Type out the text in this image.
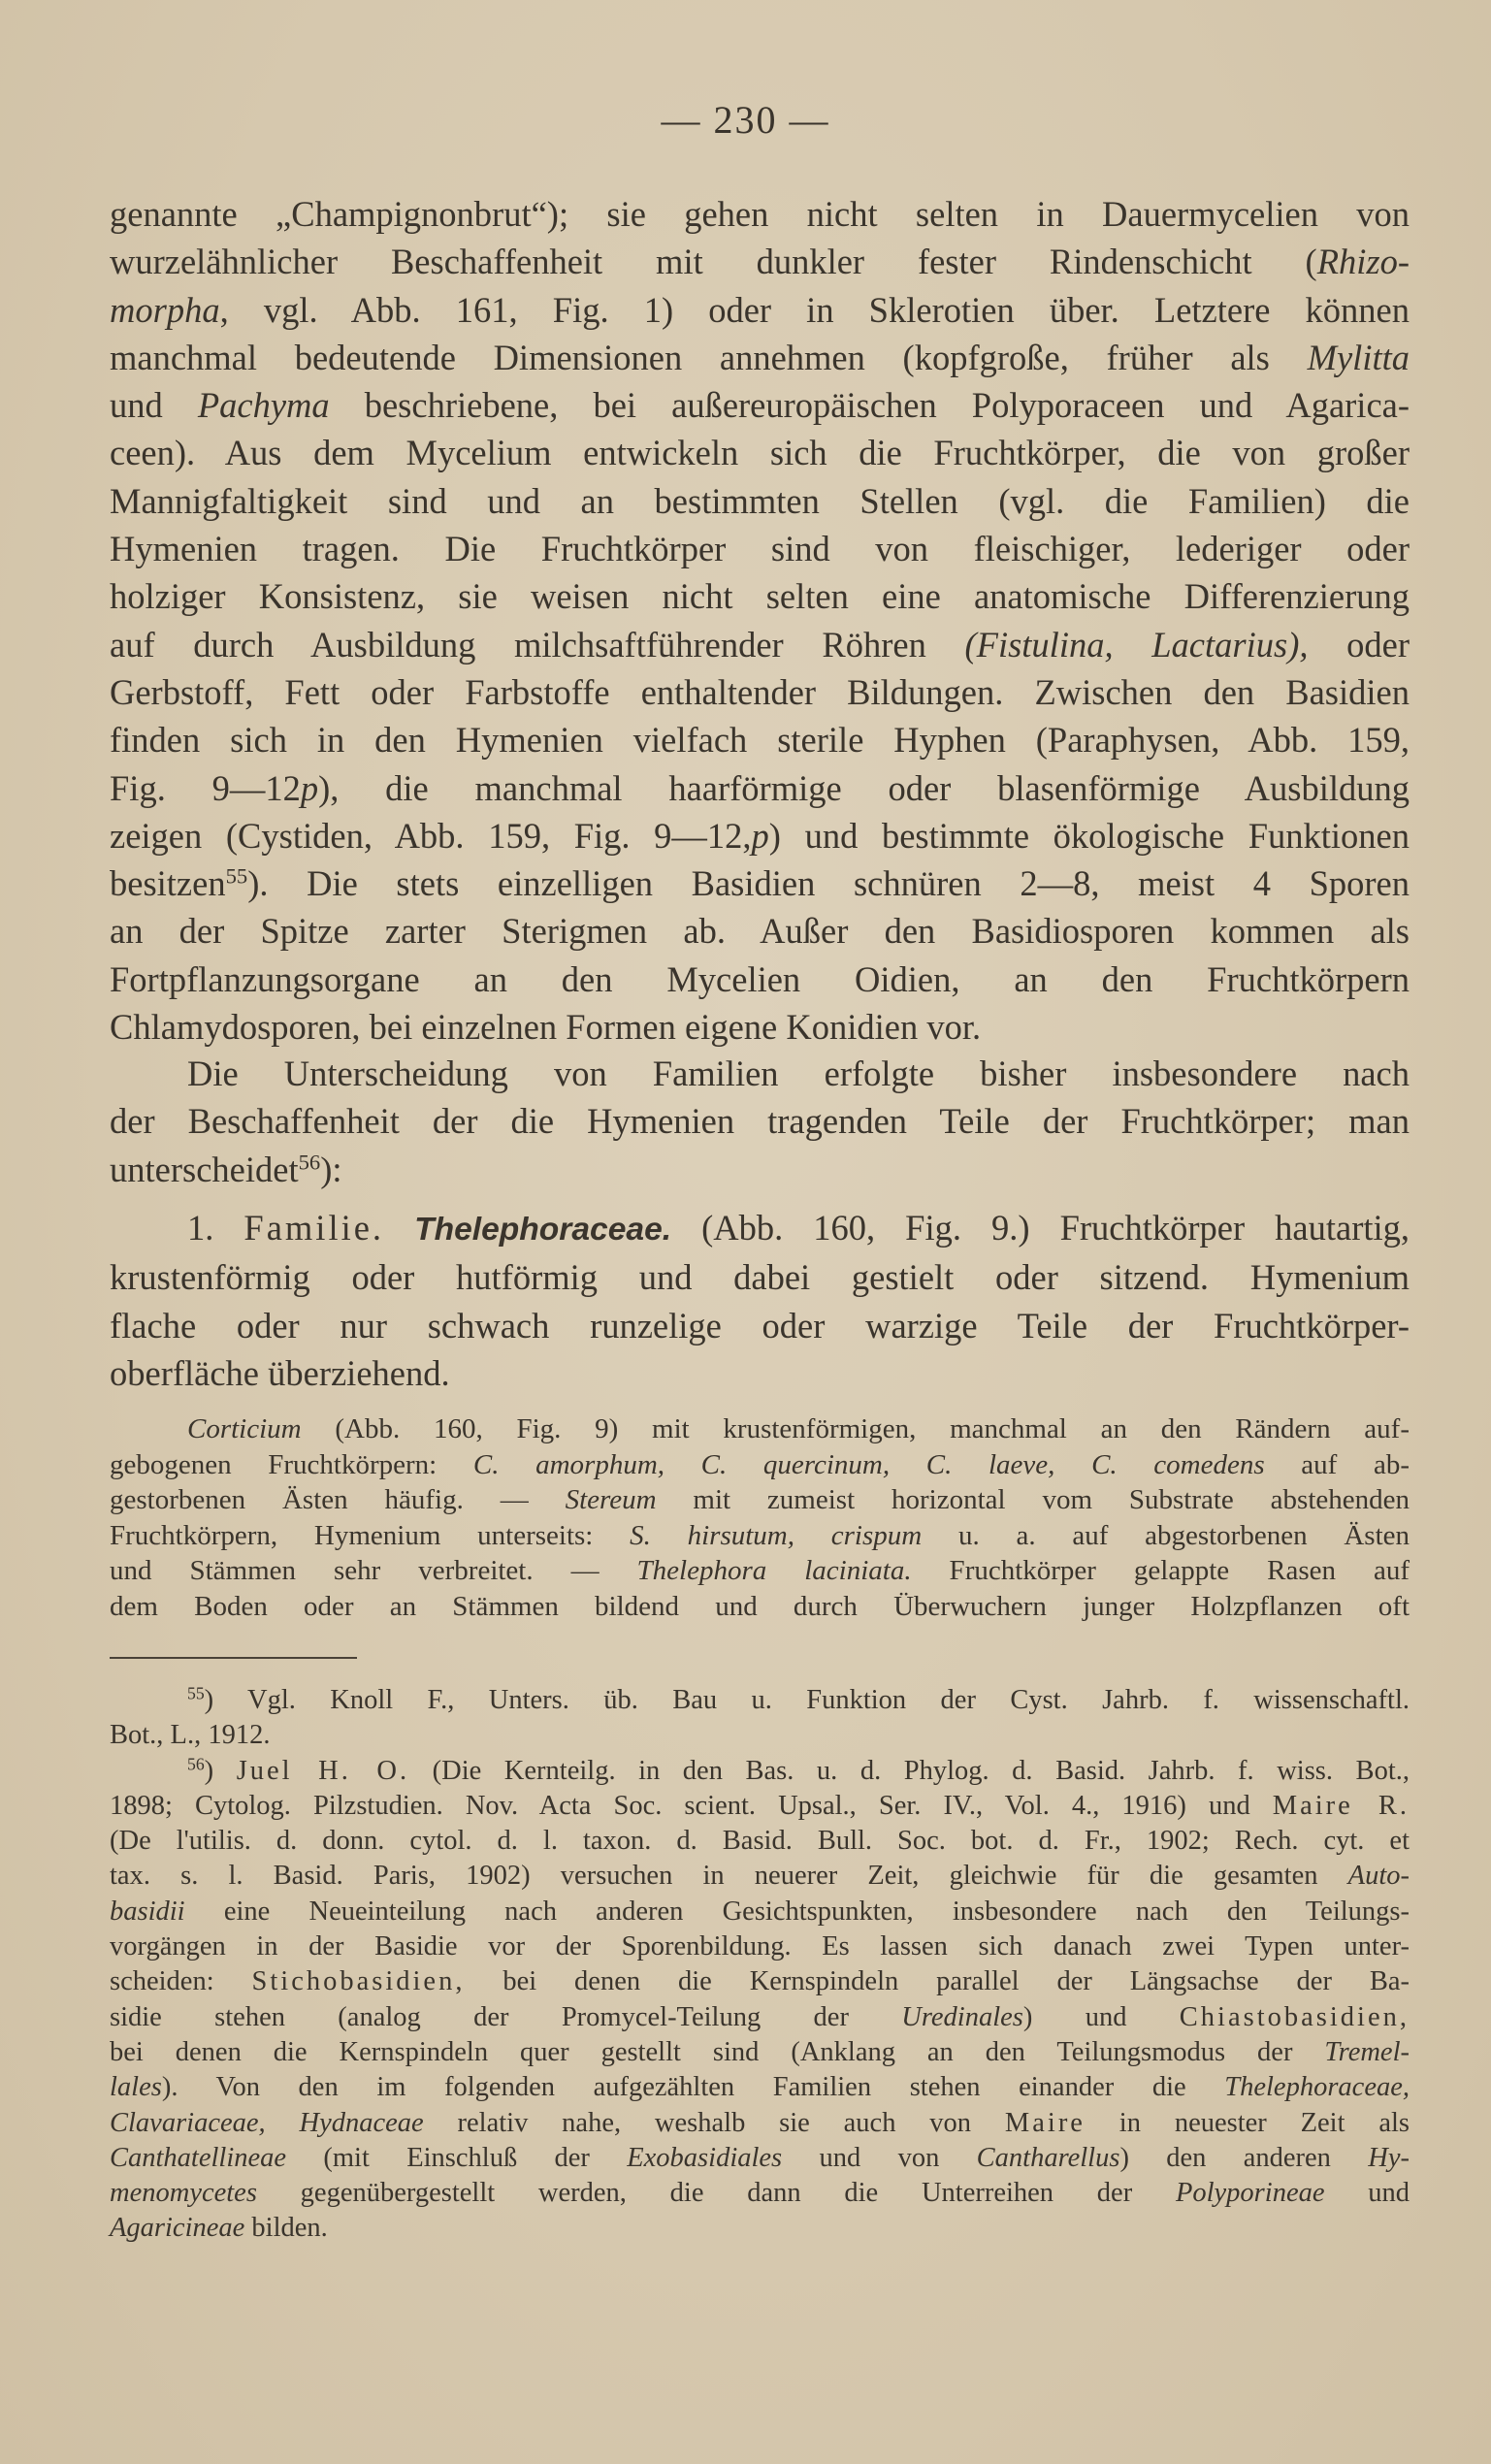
— 230 —
genannte „Champignonbrut“); sie gehen nicht selten in Dauermycelien von
wurzelähnlicher Beschaffenheit mit dunkler fester Rindenschicht (Rhizo-
morpha, vgl. Abb. 161, Fig. 1) oder in Sklerotien über. Letztere können
manchmal bedeutende Dimensionen annehmen (kopfgroße, früher als Mylitta
und Pachyma beschriebene, bei außereuropäischen Polyporaceen und Agarica-
ceen). Aus dem Mycelium entwickeln sich die Fruchtkörper, die von großer
Mannigfaltigkeit sind und an bestimmten Stellen (vgl. die Familien) die
Hymenien tragen. Die Fruchtkörper sind von fleischiger, lederiger oder
holziger Konsistenz, sie weisen nicht selten eine anatomische Differenzierung
auf durch Ausbildung milchsaftführender Röhren (Fistulina, Lactarius), oder
Gerbstoff, Fett oder Farbstoffe enthaltender Bildungen. Zwischen den Basidien
finden sich in den Hymenien vielfach sterile Hyphen (Paraphysen, Abb. 159,
Fig. 9—12p), die manchmal haarförmige oder blasenförmige Ausbildung
zeigen (Cystiden, Abb. 159, Fig. 9—12,p) und bestimmte ökologische Funktionen
besitzen$^{55}$). Die stets einzelligen Basidien schnüren 2—8, meist 4 Sporen
an der Spitze zarter Sterigmen ab. Außer den Basidiosporen kommen als
Fortpflanzungsorgane an den Mycelien Oidien, an den Fruchtkörpern
Chlamydosporen, bei einzelnen Formen eigene Konidien vor.
Die Unterscheidung von Familien erfolgte bisher insbesondere nach
der Beschaffenheit der die Hymenien tragenden Teile der Fruchtkörper; man
unterscheidet$^{56}$):
1. Familie. Thelephoraceae. (Abb. 160, Fig. 9.) Fruchtkörper hautartig,
krustenförmig oder hutförmig und dabei gestielt oder sitzend. Hymenium
flache oder nur schwach runzelige oder warzige Teile der Fruchtkörper-
oberfläche überziehend.
Corticium (Abb. 160, Fig. 9) mit krustenförmigen, manchmal an den Rändern auf-
gebogenen Fruchtkörpern: C. amorphum, C. quercinum, C. laeve, C. comedens auf ab-
gestorbenen Ästen häufig. — Stereum mit zumeist horizontal vom Substrate abstehenden
Fruchtkörpern, Hymenium unterseits: S. hirsutum, crispum u. a. auf abgestorbenen Ästen
und Stämmen sehr verbreitet. — Thelephora laciniata. Fruchtkörper gelappte Rasen auf
dem Boden oder an Stämmen bildend und durch Überwuchern junger Holzpflanzen oft
$^{55}$) Vgl. Knoll F., Unters. üb. Bau u. Funktion der Cyst. Jahrb. f. wissenschaftl.
Bot., L., 1912.
$^{56}$) Juel H. O. (Die Kernteilg. in den Bas. u. d. Phylog. d. Basid. Jahrb. f. wiss. Bot.,
1898; Cytolog. Pilzstudien. Nov. Acta Soc. scient. Upsal., Ser. IV., Vol. 4., 1916) und Maire R.
(De l'utilis. d. donn. cytol. d. l. taxon. d. Basid. Bull. Soc. bot. d. Fr., 1902; Rech. cyt. et
tax. s. l. Basid. Paris, 1902) versuchen in neuerer Zeit, gleichwie für die gesamten Auto-
basidii eine Neueinteilung nach anderen Gesichtspunkten, insbesondere nach den Teilungs-
vorgängen in der Basidie vor der Sporenbildung. Es lassen sich danach zwei Typen unter-
scheiden: Stichobasidien, bei denen die Kernspindeln parallel der Längsachse der Ba-
sidie stehen (analog der Promycel-Teilung der Uredinales) und Chiastobasidien,
bei denen die Kernspindeln quer gestellt sind (Anklang an den Teilungsmodus der Tremel-
lales). Von den im folgenden aufgezählten Familien stehen einander die Thelephoraceae,
Clavariaceae, Hydnaceae relativ nahe, weshalb sie auch von Maire in neuester Zeit als
Canthatellineae (mit Einschluß der Exobasidiales und von Cantharellus) den anderen Hy-
menomycetes gegenübergestellt werden, die dann die Unterreihen der Polyporineae und
Agaricineae bilden.
